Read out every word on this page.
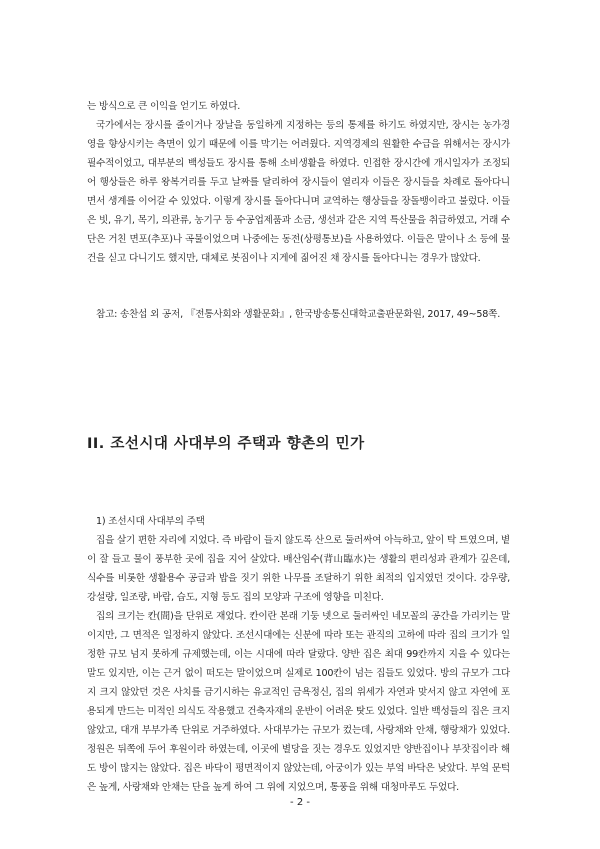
는 방식으로 큰 이익을 얻기도 하였다.

국가에서는 장시를 줄이거나 장날을 동일하게 지정하는 등의 통제를 하기도 하였지만, 장시는 농가경영을 향상시키는 측면이 있기 때문에 이를 막기는 어려웠다. 지역경제의 원활한 수급을 위해서는 장시가 필수적이었고, 대부분의 백성들도 장시를 통해 소비생활을 하였다. 인접한 장시간에 개시일자가 조정되어 행상들은 하루 왕복거리를 두고 날짜를 달리하여 장시들이 열리자 이들은 장시들을 차례로 돌아다니면서 생계를 이어갈 수 있었다. 이렇게 장시를 돌아다니며 교역하는 행상들을 장돌뱅이라고 불렀다. 이들은 빗, 유기, 목기, 의관류, 농기구 등 수공업제품과 소금, 생선과 같은 지역 특산물을 취급하였고, 거래 수단은 거친 면포(추포)나 곡물이었으며 나중에는 동전(상평통보)을 사용하였다. 이들은 말이나 소 등에 물건을 싣고 다니기도 했지만, 대체로 봇짐이나 지게에 짊어진 채 장시를 돌아다니는 경우가 많았다.

참고: 송찬섭 외 공저, 『전통사회와 생활문화』, 한국방송통신대학교출판문화원, 2017, 49~58쪽.

II. 조선시대 사대부의 주택과 향촌의 민가

1) 조선시대 사대부의 주택

집을 살기 편한 자리에 지었다. 즉 바람이 들지 않도록 산으로 둘러싸여 아늑하고, 앞이 탁 트였으며, 볕이 잘 들고 물이 풍부한 곳에 집을 지어 살았다. 배산임수(背山臨水)는 생활의 편리성과 관계가 깊은데, 식수를 비롯한 생활용수 공급과 밥을 짓기 위한 나무를 조달하기 위한 최적의 입지였던 것이다. 강우량, 강설량, 일조량, 바람, 습도, 지형 등도 집의 모양과 구조에 영향을 미친다.

집의 크기는 칸(間)을 단위로 재었다. 칸이란 본래 기둥 넷으로 둘러싸인 네모꼴의 공간을 가리키는 말이지만, 그 면적은 일정하지 않았다. 조선시대에는 신분에 따라 또는 관직의 고하에 따라 집의 크기가 일정한 규모 넘지 못하게 규제했는데, 이는 시대에 따라 달랐다. 양반 집은 최대 99칸까지 지을 수 있다는 말도 있지만, 이는 근거 없이 떠도는 말이었으며 실제로 100칸이 넘는 집들도 있었다. 방의 규모가 그다지 크지 않았던 것은 사치를 금기시하는 유교적인 금욕정신, 집의 위세가 자연과 맞서지 않고 자연에 포용되게 만드는 미적인 의식도 작용했고 건축자재의 운반이 어려운 탓도 있었다. 일반 백성들의 집은 크지 않았고, 대개 부부가족 단위로 거주하였다. 사대부가는 규모가 컸는데, 사랑채와 안채, 행랑채가 있었다. 정원은 뒤쪽에 두어 후원이라 하였는데, 이곳에 별당을 짓는 경우도 있었지만 양반집이나 부잣집이라 해도 방이 많지는 않았다. 집은 바닥이 평면적이지 않았는데, 아궁이가 있는 부엌 바닥은 낮았다. 부엌 문턱은 높게, 사랑채와 안채는 단을 높게 하여 그 위에 지었으며, 통풍을 위해 대청마루도 두었다.

- 2 -
